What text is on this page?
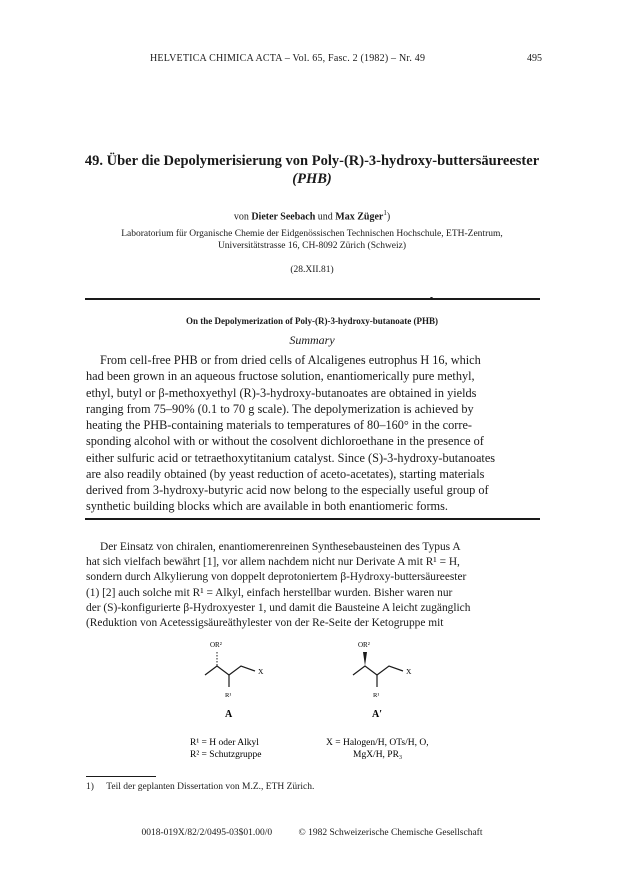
HELVETICA CHIMICA ACTA – Vol. 65, Fasc. 2 (1982) – Nr. 49	495
49. Über die Depolymerisierung von Poly-(R)-3-hydroxy-buttersäureester
(PHB)
von Dieter Seebach und Max Züger$^1$)
Laboratorium für Organische Chemie der Eidgenössischen Technischen Hochschule, ETH-Zentrum,
Universitätstrasse 16, CH-8092 Zürich (Schweiz)
(28.XII.81)
On the Depolymerization of Poly-(R)-3-hydroxy-butanoate (PHB)
Summary
From cell-free PHB or from dried cells of Alcaligenes eutrophus H 16, which
had been grown in an aqueous fructose solution, enantiomerically pure methyl,
ethyl, butyl or β-methoxyethyl (R)-3-hydroxy-butanoates are obtained in yields
ranging from 75–90% (0.1 to 70 g scale). The depolymerization is achieved by
heating the PHB-containing materials to temperatures of 80–160° in the corre-
sponding alcohol with or without the cosolvent dichloroethane in the presence of
either sulfuric acid or tetraethoxytitanium catalyst. Since (S)-3-hydroxy-butanoates
are also readily obtained (by yeast reduction of aceto-acetates), starting materials
derived from 3-hydroxy-butyric acid now belong to the especially useful group of
synthetic building blocks which are available in both enantiomeric forms.
Der Einsatz von chiralen, enantiomerenreinen Synthesebausteinen des Typus A
hat sich vielfach bewährt [1], vor allem nachdem nicht nur Derivate A mit R¹ = H,
sondern durch Alkylierung von doppelt deprotoniertem β-Hydroxy-buttersäureester
(1) [2] auch solche mit R¹ = Alkyl, einfach herstellbar wurden. Bisher waren nur
der (S)-konfigurierte β-Hydroxyester 1, und damit die Bausteine A leicht zugänglich
(Reduktion von Acetessigsäureäthylester von der Re-Seite der Ketogruppe mit
OR²
X
R¹
A
R¹ = H oder Alkyl
R² = Schutzgruppe
OR²
X
R¹
A′
X = Halogen/H, OTs/H, O,
MgX/H, PR₃
1) Teil der geplanten Dissertation von M.Z., ETH Zürich.
0018-019X/82/2/0495-03$01.00/0	© 1982 Schweizerische Chemische Gesellschaft
